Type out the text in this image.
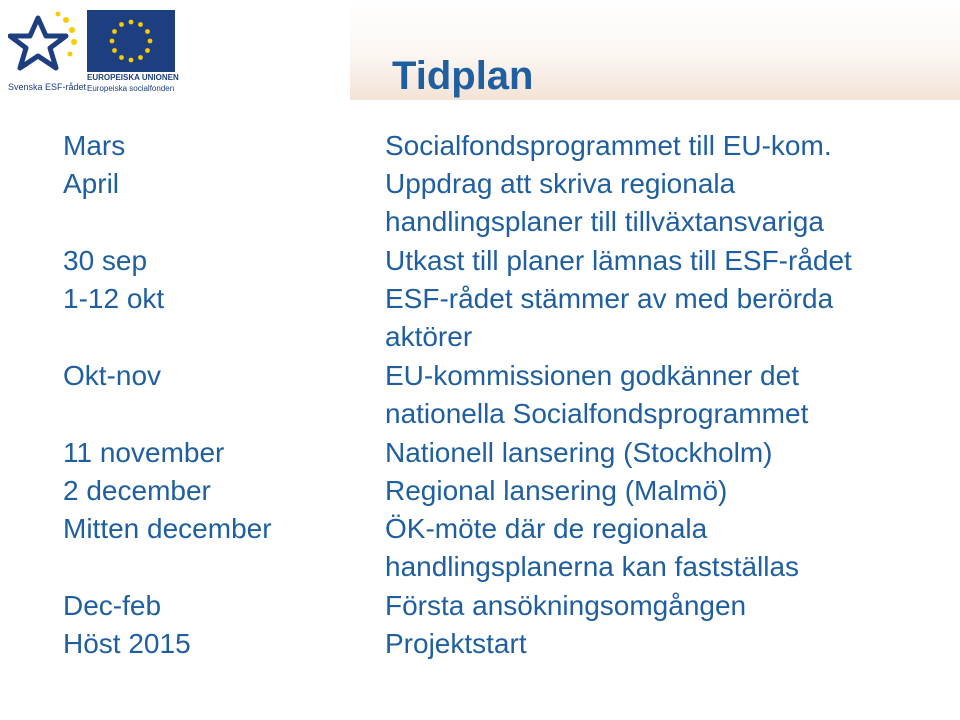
Svenska ESF-rådet
EUROPEISKA UNIONEN
Europeiska socialfonden	Tidplan
Mars	Socialfondsprogrammet till EU-kom.
April	Uppdrag att skriva regionala
handlingsplaner till tillväxtansvariga
30 sep	Utkast till planer lämnas till ESF-rådet
1-12 okt	ESF-rådet stämmer av med berörda
aktörer
Okt-nov	EU-kommissionen godkänner det
nationella Socialfondsprogrammet
11 november	Nationell lansering (Stockholm)
2 december	Regional lansering (Malmö)
Mitten december	ÖK-möte där de regionala
handlingsplanerna kan fastställas
Dec-feb	Första ansökningsomgången
Höst 2015	Projektstart
